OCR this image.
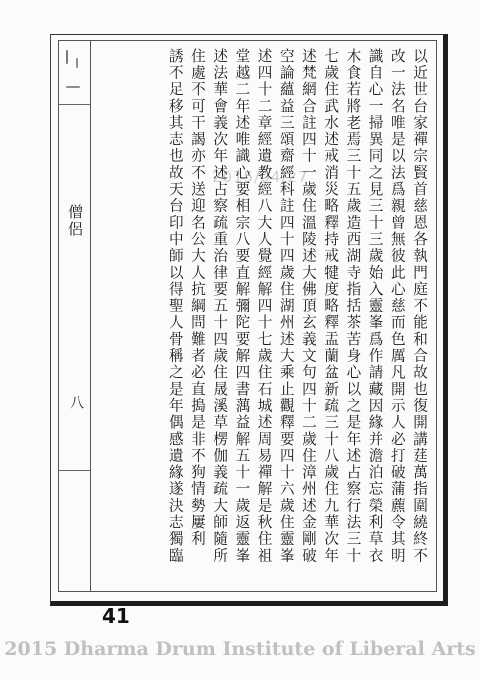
僧侶
八
2015/04/27	以近世台家禪宗賢首慈恩各執門庭不能和合故也復開講莛萬指圍繞終不
改一法名唯是以法爲親曾無彼此心慈而色厲凡開示人必打破蒲藨令其明
識自心一掃異同之見三十三歲始入靈峯爲作請藏因緣并澹泊忘榮利草衣
木食若將老焉三十五歲造西湖寺指括茶苦身心以之是年述占察行法三十
七歲住武水述戒消災略釋持戒犍度略釋盂蘭盆新疏三十八歲住九華次年
述梵網合註四十一歲住溫陵述大佛頂玄義文句四十二歲住漳州述金剛破
空論蘊益三頌齋經科註四十四歲住湖州述大乘止觀釋要四十六歲住靈峯
述四十二章經遺教經八大人覺經解四十七歲住石城述周易禪解是秋住祖
堂越二年述唯識心要相宗八要直解彌陀要解四書蕅益解五十一歲返靈峯
述法華會義次年述占察疏重治律要五十四歲住晟溪草楞伽義疏大師隨所
住處不可干謁亦不送迎名公大人抗綱問難者必直搗是非不狗情勢屢利
誘不足移其志也故天台印中師以得聖人骨稱之是年偶感遺緣遂決志獨臨
41
2015 Dharma Drum Institute of Liberal Arts
